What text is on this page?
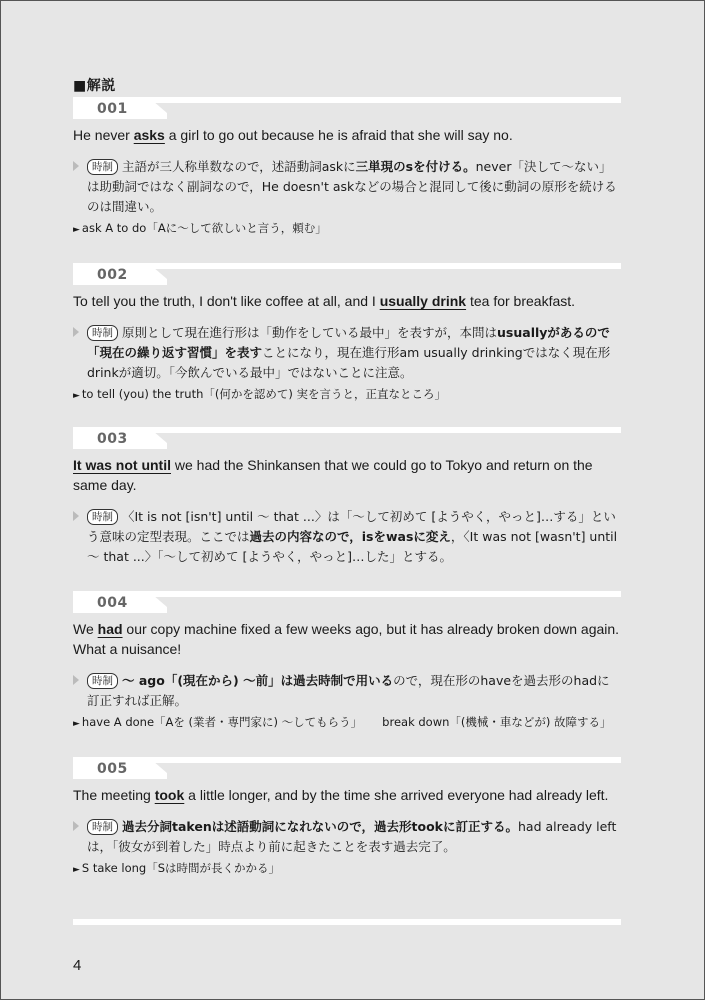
■解説
001
He never asks a girl to go out because he is afraid that she will say no.
時制 主語が三人称単数なので，述語動詞askに三単現のsを付ける。never「決して〜ない」は助動詞ではなく副詞なので，He doesn't askなどの場合と混同して後に動詞の原形を続けるのは間違い。
► ask A to do「Aに〜して欲しいと言う，頼む」
002
To tell you the truth, I don't like coffee at all, and I usually drink tea for breakfast.
時制 原則として現在進行形は「動作をしている最中」を表すが，本問はusuallyがあるので「現在の繰り返す習慣」を表すことになり，現在進行形am usually drinkingではなく現在形drinkが適切。「今飲んでいる最中」ではないことに注意。
► to tell (you) the truth「(何かを認めて) 実を言うと，正直なところ」
003
It was not until we had the Shinkansen that we could go to Tokyo and return on the same day.
時制 〈It is not [isn't] until 〜 that ...〉は「〜して初めて [ようやく，やっと]…する」という意味の定型表現。ここでは過去の内容なので，isをwasに変え，〈It was not [wasn't] until 〜 that ...〉「〜して初めて [ようやく，やっと]…した」とする。
004
We had our copy machine fixed a few weeks ago, but it has already broken down again. What a nuisance!
時制 〜 ago「(現在から) 〜前」は過去時制で用いるので，現在形のhaveを過去形のhadに訂正すれば正解。
► have A done「Aを (業者・専門家に) 〜してもらう」 break down「(機械・車などが) 故障する」
005
The meeting took a little longer, and by the time she arrived everyone had already left.
時制 過去分詞takenは述語動詞になれないので，過去形tookに訂正する。had already leftは，「彼女が到着した」時点より前に起きたことを表す過去完了。
► S take long「Sは時間が長くかかる」
4
